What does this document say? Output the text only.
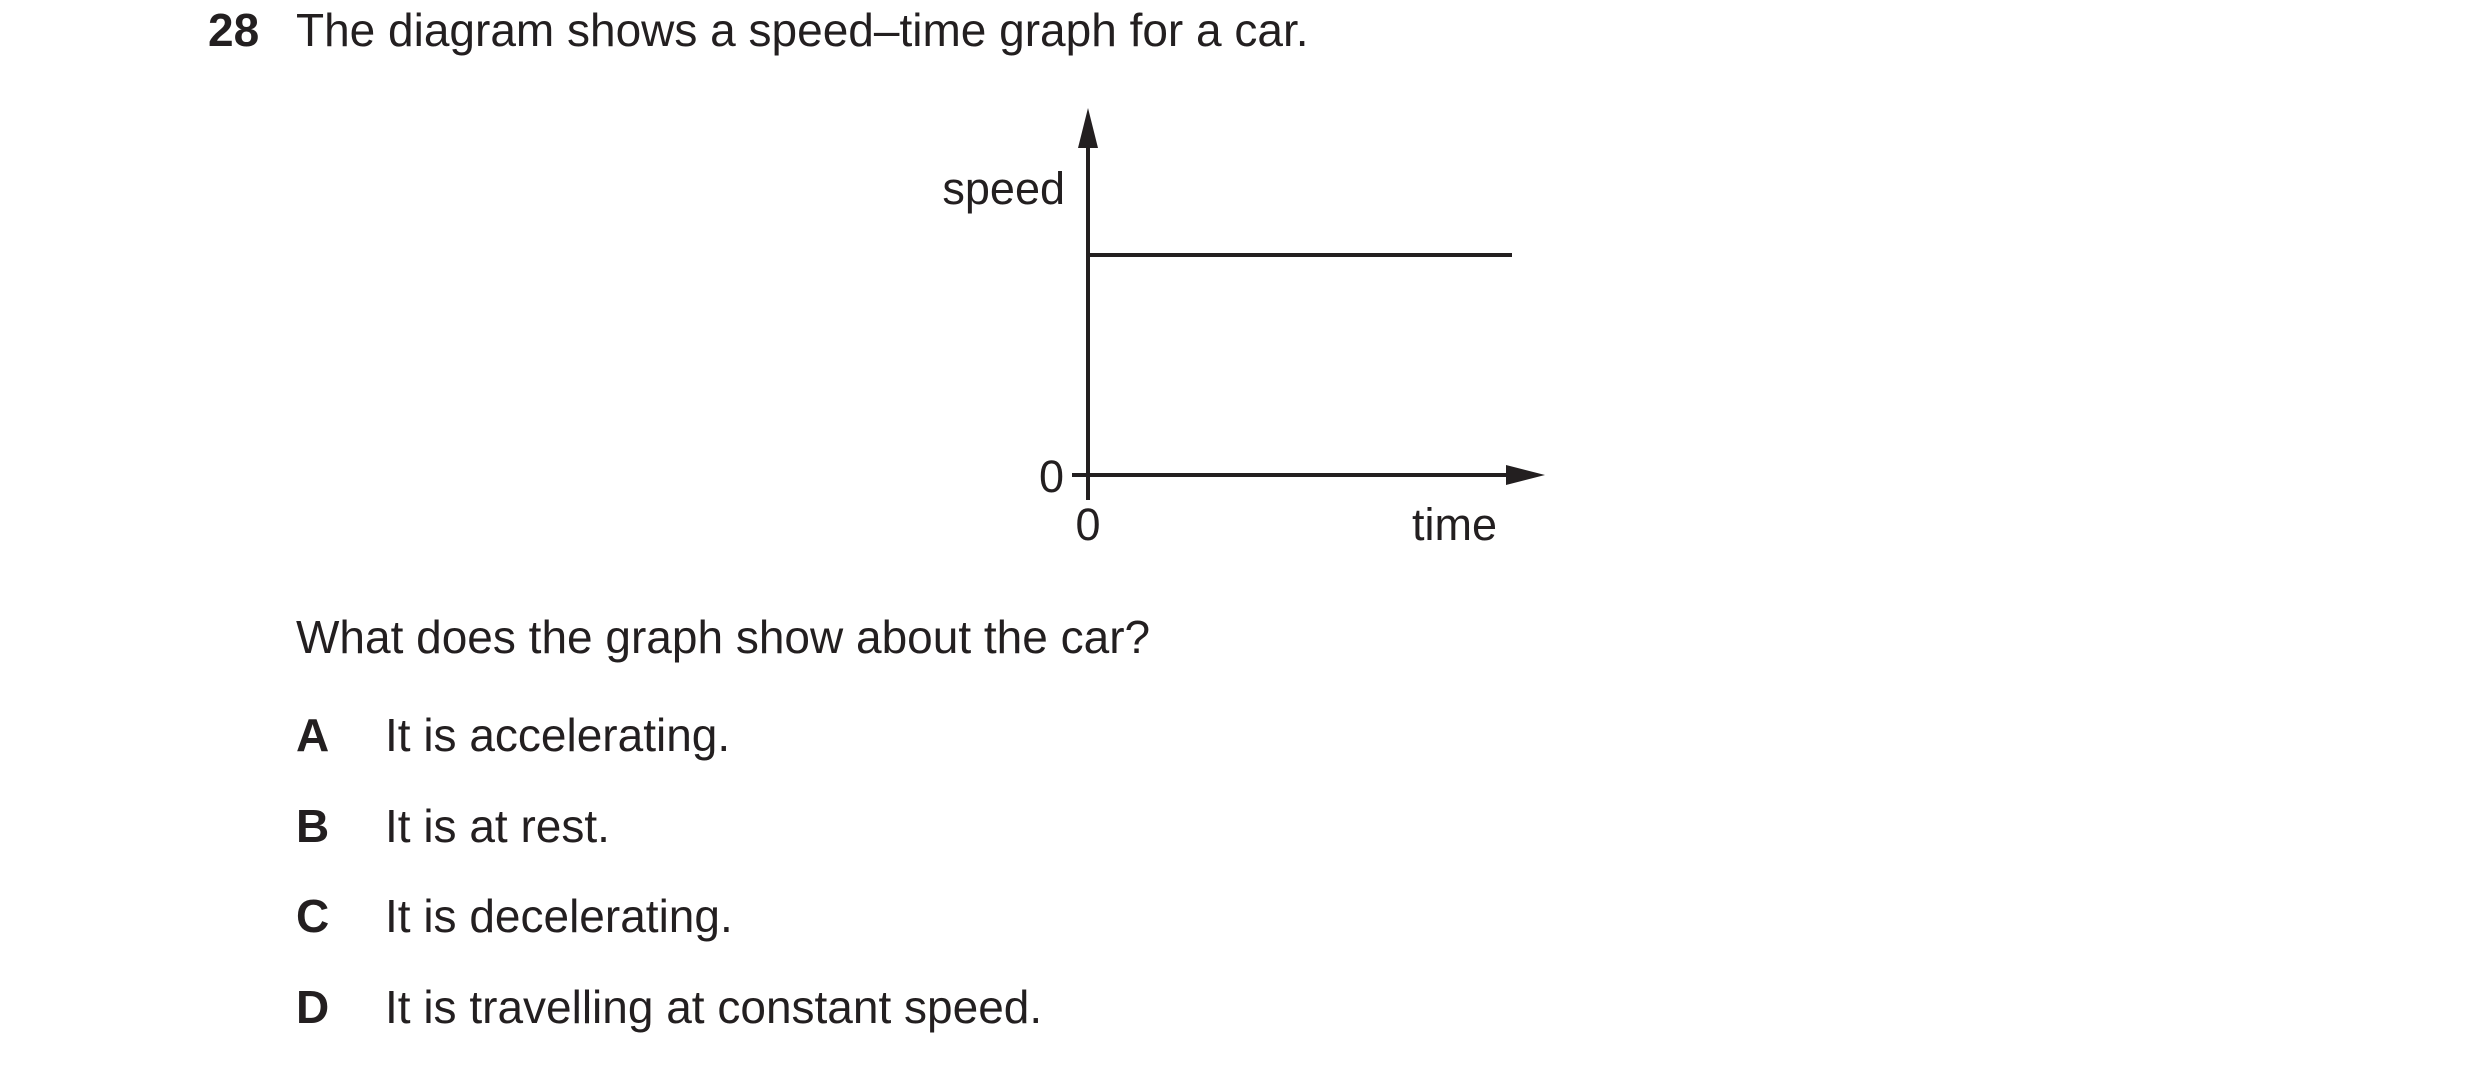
28 The diagram shows a speed–time graph for a car.
speed
0
0	time
What does the graph show about the car?
A It is accelerating.
B It is at rest.
C It is decelerating.
D It is travelling at constant speed.
